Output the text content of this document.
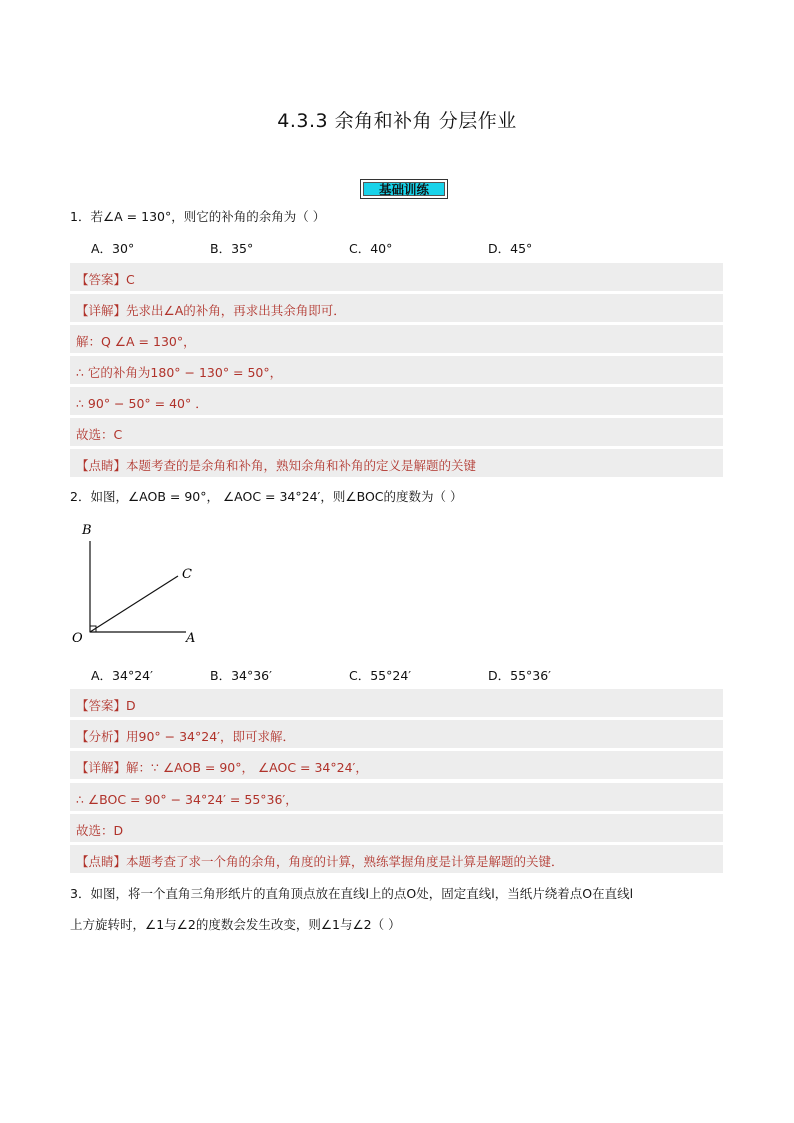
4.3.3 余角和补角 分层作业
基础训练
1．若∠A = 130°，则它的补角的余角为（ ）
A．30°	B．35°	C．40°	D．45°
【答案】C
【详解】先求出∠A的补角，再求出其余角即可．
解：Q ∠A = 130°，
∴ 它的补角为180° − 130° = 50°，
∴ 90° − 50° = 40° ．
故选：C
【点睛】本题考查的是余角和补角，熟知余角和补角的定义是解题的关键
2．如图，∠AOB = 90°， ∠AOC = 34°24′，则∠BOC的度数为（ ）
B
C
O	A
A．34°24′	B．34°36′	C．55°24′	D．55°36′
【答案】D
【分析】用90° − 34°24′，即可求解．
【详解】解：∵ ∠AOB = 90°， ∠AOC = 34°24′，
∴ ∠BOC = 90° − 34°24′ = 55°36′，
故选：D
【点睛】本题考查了求一个角的余角，角度的计算，熟练掌握角度是计算是解题的关键．
3．如图，将一个直角三角形纸片的直角顶点放在直线l上的点O处，固定直线l，当纸片绕着点O在直线l
上方旋转时，∠1与∠2的度数会发生改变，则∠1与∠2（ ）
